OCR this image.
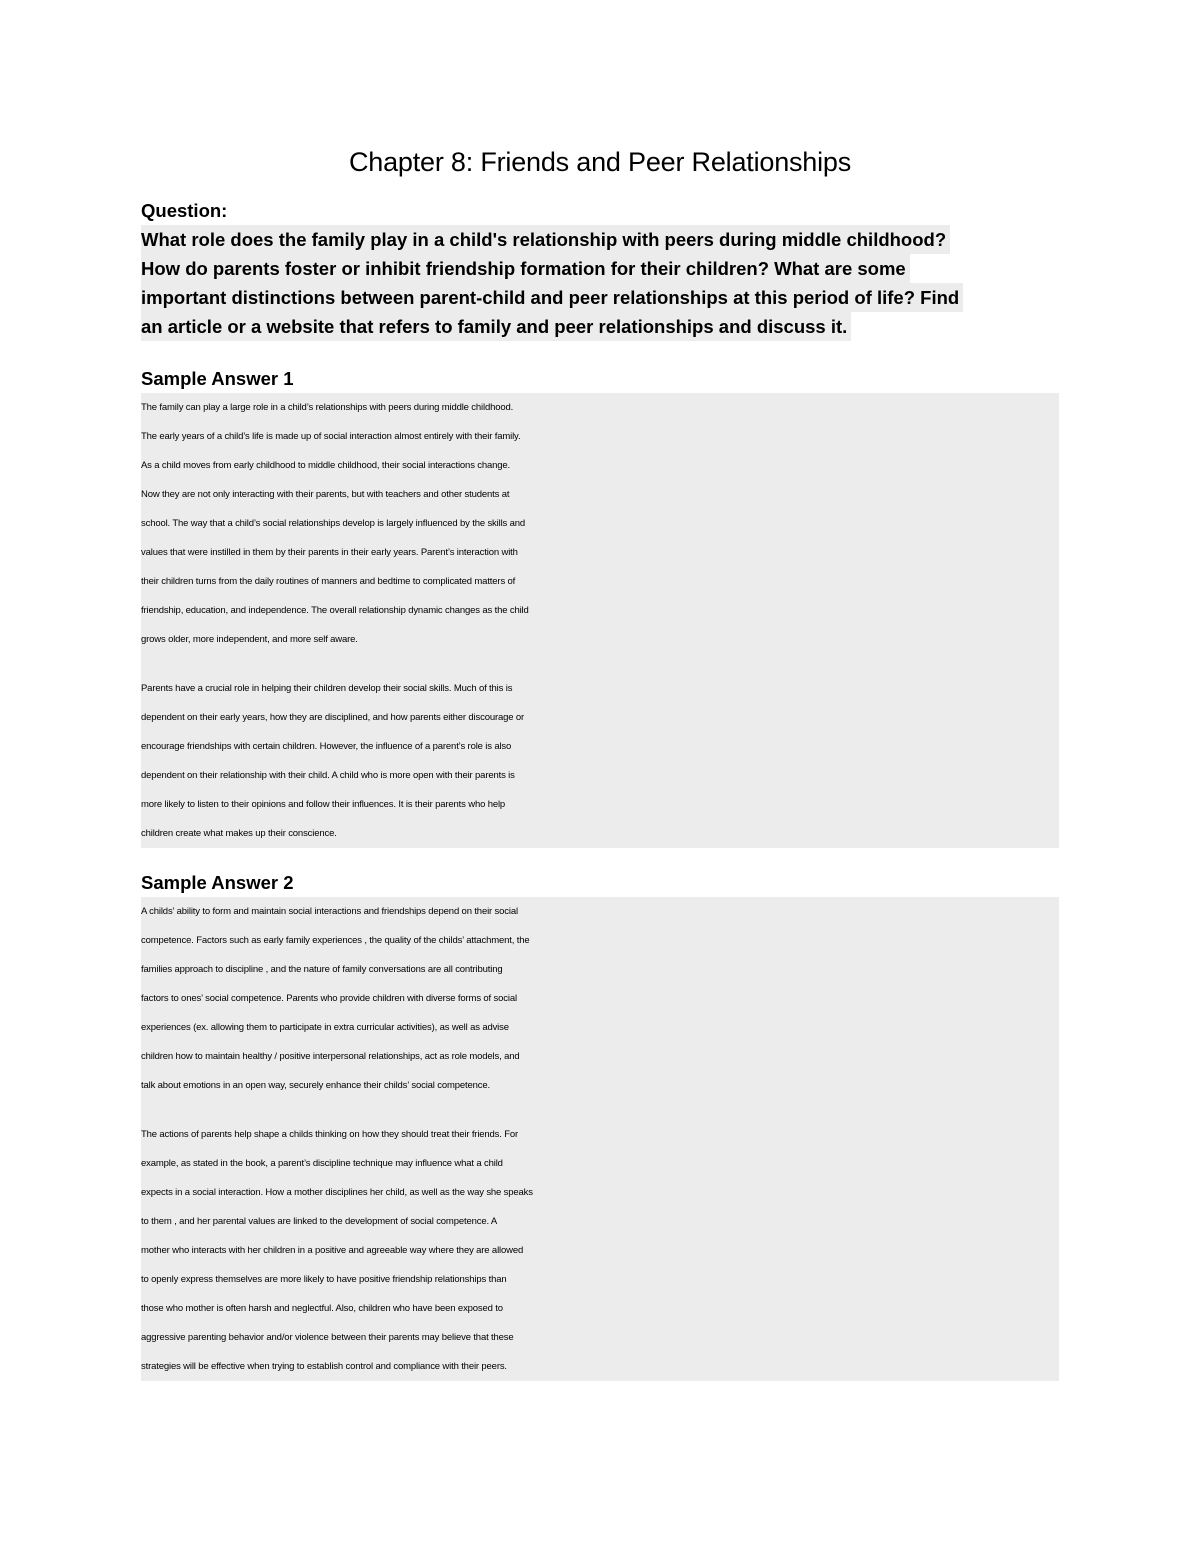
Chapter 8: Friends and Peer Relationships

Question:

What role does the family play in a child's relationship with peers during middle childhood?

How do parents foster or inhibit friendship formation for their children? What are some

important distinctions between parent-child and peer relationships at this period of life? Find

an article or a website that refers to family and peer relationships and discuss it.

Sample Answer 1

The family can play a large role in a child’s relationships with peers during middle childhood.
The early years of a child’s life is made up of social interaction almost entirely with their family.
As a child moves from early childhood to middle childhood, their social interactions change.
Now they are not only interacting with their parents, but with teachers and other students at
school. The way that a child’s social relationships develop is largely influenced by the skills and
values that were instilled in them by their parents in their early years. Parent’s interaction with
their children turns from the daily routines of manners and bedtime to complicated matters of
friendship, education, and independence. The overall relationship dynamic changes as the child
grows older, more independent, and more self aware.

Parents have a crucial role in helping their children develop their social skills. Much of this is
dependent on their early years, how they are disciplined, and how parents either discourage or
encourage friendships with certain children. However, the influence of a parent’s role is also
dependent on their relationship with their child. A child who is more open with their parents is
more likely to listen to their opinions and follow their influences. It is their parents who help
children create what makes up their conscience.

Sample Answer 2

A childs’ ability to form and maintain social interactions and friendships depend on their social
competence. Factors such as early family experiences , the quality of the childs’ attachment, the
families approach to discipline , and the nature of family conversations are all contributing
factors to ones’ social competence. Parents who provide children with diverse forms of social
experiences (ex. allowing them to participate in extra curricular activities), as well as advise
children how to maintain healthy / positive interpersonal relationships, act as role models, and
talk about emotions in an open way, securely enhance their childs’ social competence.

The actions of parents help shape a childs thinking on how they should treat their friends. For
example, as stated in the book, a parent’s discipline technique may influence what a child
expects in a social interaction. How a mother disciplines her child, as well as the way she speaks
to them , and her parental values are linked to the development of social competence. A
mother who interacts with her children in a positive and agreeable way where they are allowed
to openly express themselves are more likely to have positive friendship relationships than
those who mother is often harsh and neglectful. Also, children who have been exposed to
aggressive parenting behavior and/or violence between their parents may believe that these
strategies will be effective when trying to establish control and compliance with their peers.
